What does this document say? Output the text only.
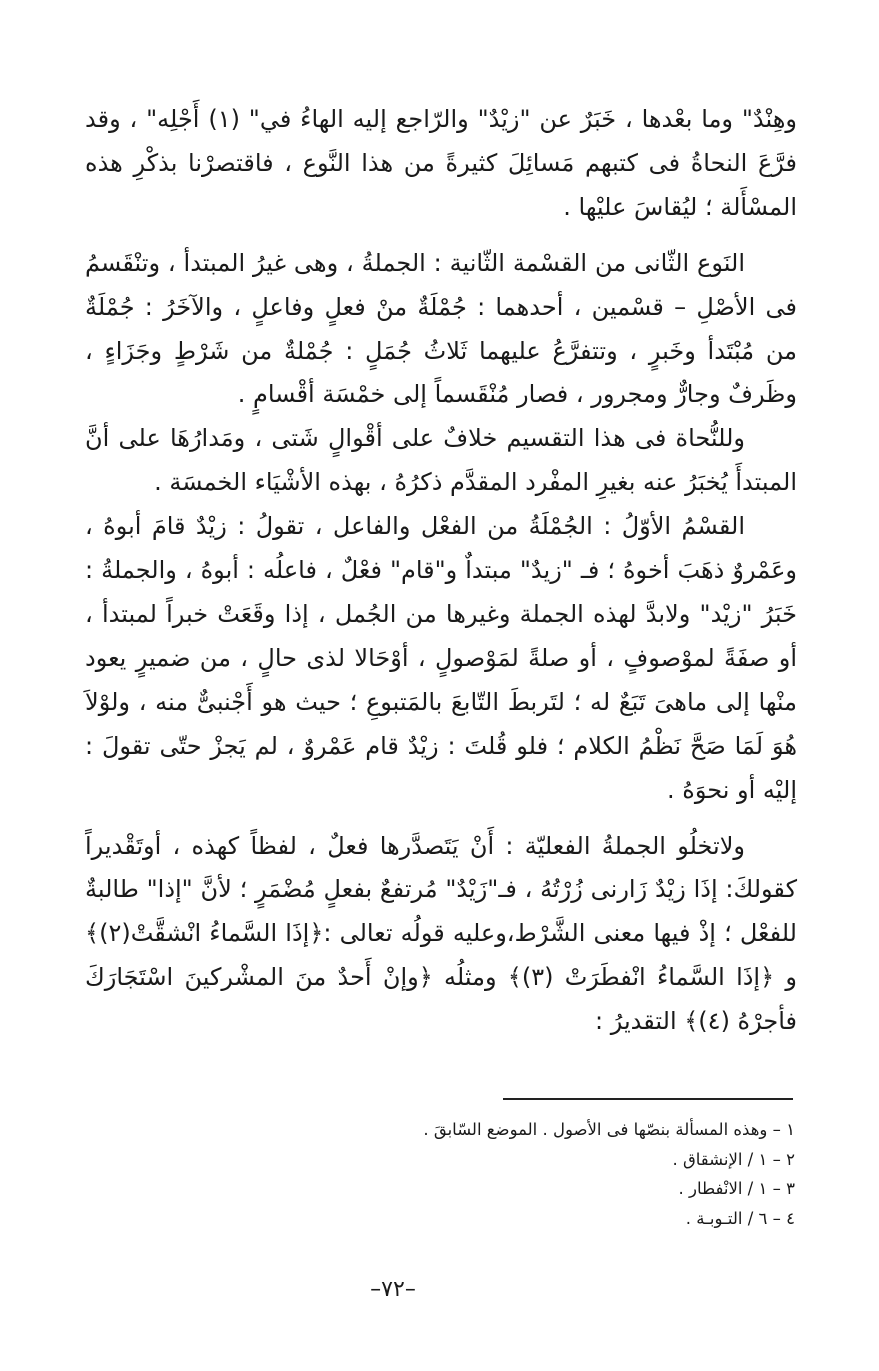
وهِنْدٌ" وما بعْدها ، خَبَرٌ عن "زيْدٌ" والرّاجع إليه الهاءُ في" (١) أَجْلِه" ، وقد فرَّعَ النحاةُ فى كتبهم مَسائِلَ كثيرةً من هذا النَّوع ، فاقتصرْنا بذكْرِ هذه المسْأَلة ؛ ليُقاسَ عليْها .

النَوع الثّانى من القسْمة الثّانية : الجملةُ ، وهى غيرُ المبتدأ ، وتنْقَسمُ فى الأصْلِ – قسْمين ، أحدهما : جُمْلَةٌ منْ فعلٍ وفاعلٍ ، والآخَرُ : جُمْلَةٌ من مُبْتَدأ وخَبرٍ ، وتتفرَّعُ عليهما ثَلاثُ جُمَلٍ : جُمْلةٌ من شَرْطٍ وجَزَاءٍ ، وظَرفٌ وجارٌّ ومجرور ، فصار مُنْقَسماً إلى خمْسَة أقْسامٍ .

وللنُّحاة فى هذا التقسيم خلافٌ على أقْوالٍ شَتى ، ومَدارُهَا على أنَّ المبتدأَ يُخبَرُ عنه بغيرِ المفْرد المقدَّم ذكرُهُ ، بهذه الأشْيَاء الخمسَة .

القسْمُ الأوّلُ : الجُمْلَةُ من الفعْل والفاعل ، تقولُ : زيْدٌ قامَ أبوهُ ، وعَمْروٌ ذهَبَ أخوهُ ؛ فـ "زيدٌ" مبتداٌ و"قام" فعْلٌ ، فاعلُه : أبوهُ ، والجملةُ : خَبَرُ "زيْد" ولابدَّ لهذه الجملة وغيرها من الجُمل ، إذا وقَعَتْ خبراً لمبتدأ ، أو صفَةً لموْصوفٍ ، أو صلةً لمَوْصولٍ ، أوْحَالا لذى حالٍ ، من ضميرٍ يعود منْها إلى ماهىَ تَبَعٌ له ؛ لتَربطَ التّابعَ بالمَتبوعِ ؛ حيث هو أَجْنبىٌّ منه ، ولوْلاَ هُوَ لَمَا صَحَّ نَظْمُ الكلام ؛ فلو قُلتَ : زيْدٌ قام عَمْروٌ ، لم يَجزْ حتّى تقولَ : إليْه أو نحوَهُ .

ولاتخلُو الجملةُ الفعليّة : أَنْ يَتَصدَّرها فعلٌ ، لفظاً كهذه ، أوتَقْديراً كقولكَ: إذَا زيْدٌ زَارنى زُرْتُهُ ، فـ"زَيْدٌ" مُرتفعٌ بفعلٍ مُضْمَرٍ ؛ لأنَّ "إذا" طالبةٌ للفعْل ؛ إذْ فيها معنى الشَّرْط،وعليه قولُه تعالى :﴿إذَا السَّماءُ انْشقَّتْ(٢)﴾ و ﴿إذَا السَّماءُ انْفطَرَتْ (٣)﴾ ومثلُه ﴿وإنْ أَحدٌ منَ المشْركينَ اسْتَجَارَكَ فأجرْهُ (٤)﴾ التقديرُ :

١ – وهذه المسألة بنصّها فى الأصول . الموضع السّابقَ .

٢ – ١ / الإنشقاق .

٣ – ١ / الانْفطار .

٤ – ٦ / التـوبـة .

–٧٢–
